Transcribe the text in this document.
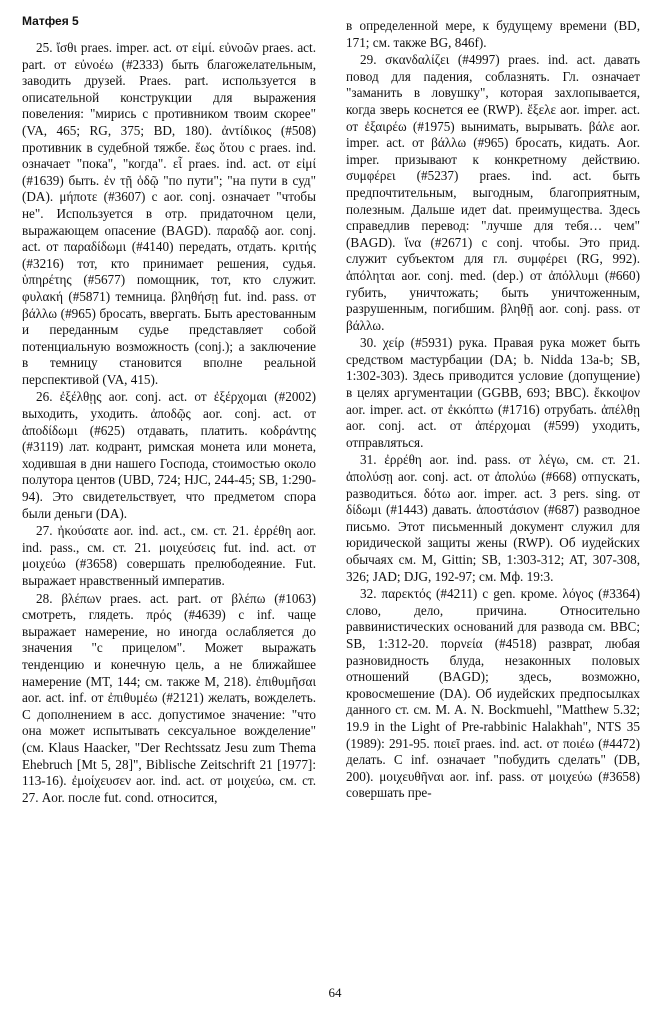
Матфея 5

25. ἴσθι praes. imper. act. от εἰμί. εὐνοῶν praes. act. part. от εὐνοέω (#2333) быть благожелательным, заводить друзей. Praes. part. используется в описательной конструкции для выражения повеления: "мирись с противником твоим скорее" (VA, 465; RG, 375; BD, 180). ἀντίδικος (#508) противник в судебной тяжбе. ἕως ὅτου с praes. ind. означает "пока", "когда". εἶ praes. ind. act. от εἰμί (#1639) быть. ἐν τῇ ὁδῷ "по пути"; "на пути в суд" (DA). μήποτε (#3607) с aor. conj. означает "чтобы не". Используется в отр. придаточном цели, выражающем опасение (BAGD). παραδῷ aor. conj. act. от παραδίδωμι (#4140) передать, отдать. κριτής (#3216) тот, кто принимает решения, судья. ὑπηρέτης (#5677) помощник, тот, кто служит. φυλακή (#5871) темница. βληθήσῃ fut. ind. pass. от βάλλω (#965) бросать, ввергать. Быть арестованным и переданным судье представляет собой потенциальную возможность (conj.); а заключение в темницу становится вполне реальной перспективой (VA, 415).

26. ἐξέλθῃς aor. conj. act. от ἐξέρχομαι (#2002) выходить, уходить. ἀποδῷς aor. conj. act. от ἀποδίδωμι (#625) отдавать, платить. κοδράντης (#3119) лат. кодрант, римская монета или монета, ходившая в дни нашего Господа, стоимостью около полутора центов (UBD, 724; HJC, 244-45; SB, 1:290-94). Это свидетельствует, что предметом спора были деньги (DA).

27. ἠκούσατε aor. ind. act., см. ст. 21. ἐρρέθη aor. ind. pass., см. ст. 21. μοιχεύσεις fut. ind. act. от μοιχεύω (#3658) совершать прелюбодеяние. Fut. выражает нравственный императив.

28. βλέπων praes. act. part. от βλέπω (#1063) смотреть, глядеть. πρός (#4639) с inf. чаще выражает намерение, но иногда ослабляется до значения "с прицелом". Может выражать тенденцию и конечную цель, а не ближайшее намерение (MT, 144; см. также M, 218). ἐπιθυμῆσαι aor. act. inf. от ἐπιθυμέω (#2121) желать, вожделеть. С дополнением в acc. допустимое значение: "что она может испытывать сексуальное вожделение" (см. Klaus Haacker, "Der Rechtssatz Jesu zum Thema Ehebruch [Mt 5, 28]", Biblische Zeitschrift 21 [1977]: 113-16). ἐμοίχευσεν aor. ind. act. от μοιχεύω, см. ст. 27. Aor. после fut. cond. относится,

в определенной мере, к будущему времени (BD, 171; см. также BG, 846f).

29. σκανδαλίζει (#4997) praes. ind. act. давать повод для падения, соблазнять. Гл. означает "заманить в ловушку", которая захлопывается, когда зверь коснется ее (RWP). ἔξελε aor. imper. act. от ἐξαιρέω (#1975) вынимать, вырывать. βάλε aor. imper. act. от βάλλω (#965) бросать, кидать. Aor. imper. призывают к конкретному действию. συμφέρει (#5237) praes. ind. act. быть предпочтительным, выгодным, благоприятным, полезным. Дальше идет dat. преимущества. Здесь справедлив перевод: "лучше для тебя… чем" (BAGD). ἵνα (#2671) с conj. чтобы. Это прид. служит субъектом для гл. συμφέρει (RG, 992). ἀπόληται aor. conj. med. (dep.) от ἀπόλλυμι (#660) губить, уничтожать; быть уничтоженным, разрушенным, погибшим. βληθῇ aor. conj. pass. от βάλλω.

30. χείρ (#5931) рука. Правая рука может быть средством мастурбации (DA; b. Nidda 13a-b; SB, 1:302-303). Здесь приводится условие (допущение) в целях аргументации (GGBB, 693; BBC). ἔκκοψον aor. imper. act. от ἐκκόπτω (#1716) отрубать. ἀπέλθῃ aor. conj. act. от ἀπέρχομαι (#599) уходить, отправляться.

31. ἐρρέθη aor. ind. pass. от λέγω, см. ст. 21. ἀπολύσῃ aor. conj. act. от ἀπολύω (#668) отпускать, разводиться. δότω aor. imper. act. 3 pers. sing. от δίδωμι (#1443) давать. ἀποστάσιον (#687) разводное письмо. Этот письменный документ служил для юридической защиты жены (RWP). Об иудейских обычаях см. M, Gittin; SB, 1:303-312; AT, 307-308, 326; JAD; DJG, 192-97; см. Мф. 19:3.

32. παρεκτός (#4211) с gen. кроме. λόγος (#3364) слово, дело, причина. Относительно раввинистических оснований для развода см. BBC; SB, 1:312-20. πορνεία (#4518) разврат, любая разновидность блуда, незаконных половых отношений (BAGD); здесь, возможно, кровосмешение (DA). Об иудейских предпосылках данного ст. см. M. A. N. Bockmuehl, "Matthew 5.32; 19.9 in the Light of Pre-rabbinic Halakhah", NTS 35 (1989): 291-95. ποιεῖ praes. ind. act. от ποιέω (#4472) делать. С inf. означает "побудить сделать" (DB, 200). μοιχευθῆναι aor. inf. pass. от μοιχεύω (#3658) совершать пре-

64
